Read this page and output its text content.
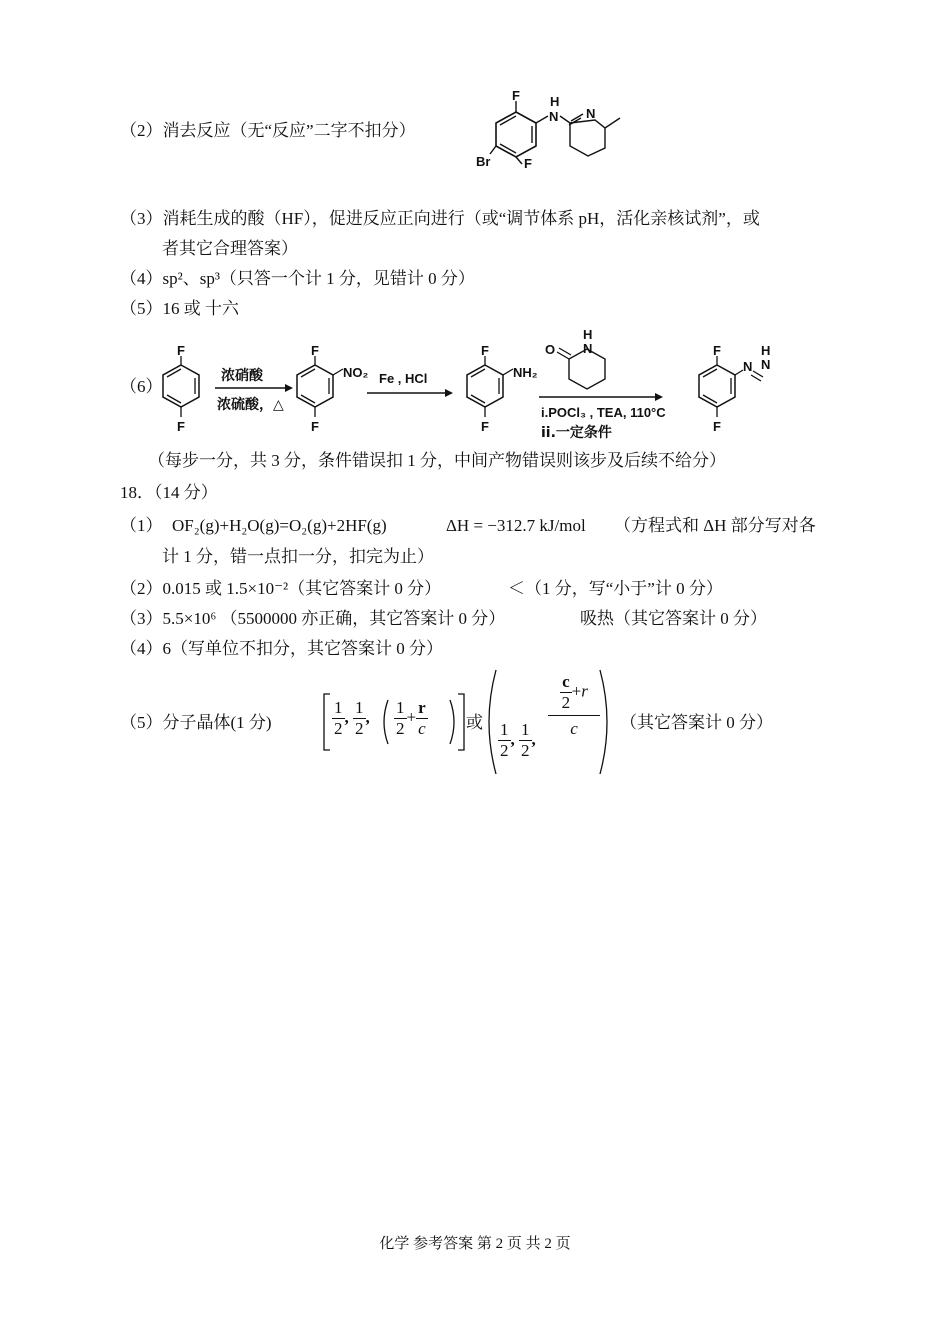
（2）消去反应（无“反应”二字不扣分）
F H
N N
Br	F
（3）消耗生成的酸（HF），促进反应正向进行（或“调节体系 pH，活化亲核试剂”，或
者其它合理答案）
（4）sp²、sp³（只答一个计 1 分，见错计 0 分）
（5）16 或 十六
（6）
F
F
浓硝酸
浓硫酸，△
F
NO₂
F
Fe , HCl
F
NH₂
F
H
O N
i.POCl₃ , TEA, 110°C
ii.一定条件
F
N
H
N
F
（每步一分，共 3 分，条件错误扣 1 分，中间产物错误则该步及后续不给分）
18．（14 分）
（1） OF₂(g)+H₂O(g)=O₂(g)+2HF(g)	ΔH = −312.7 kJ/mol （方程式和 ΔH 部分写对各
计 1 分，错一点扣一分，扣完为止）
（2）0.015 或 1.5×10⁻²（其它答案计 0 分）	＜（1 分，写“小于”计 0 分）
（3）5.5×10⁶ （5500000 亦正确，其它答案计 0 分）	吸热（其它答案计 0 分）
（4）6（写单位不扣分，其它答案计 0 分）
（5）分子晶体(1 分)	$\frac{1}{2}$ , $\frac{1}{2}$ , $\frac{1}{2} + \frac{r}{c}$ 或 $\frac{1}{2}$ , $\frac{1}{2}$ ,
$\frac{c}{2} +r$
c	（其它答案计 0 分）
化学 参考答案 第 2 页 共 2 页
